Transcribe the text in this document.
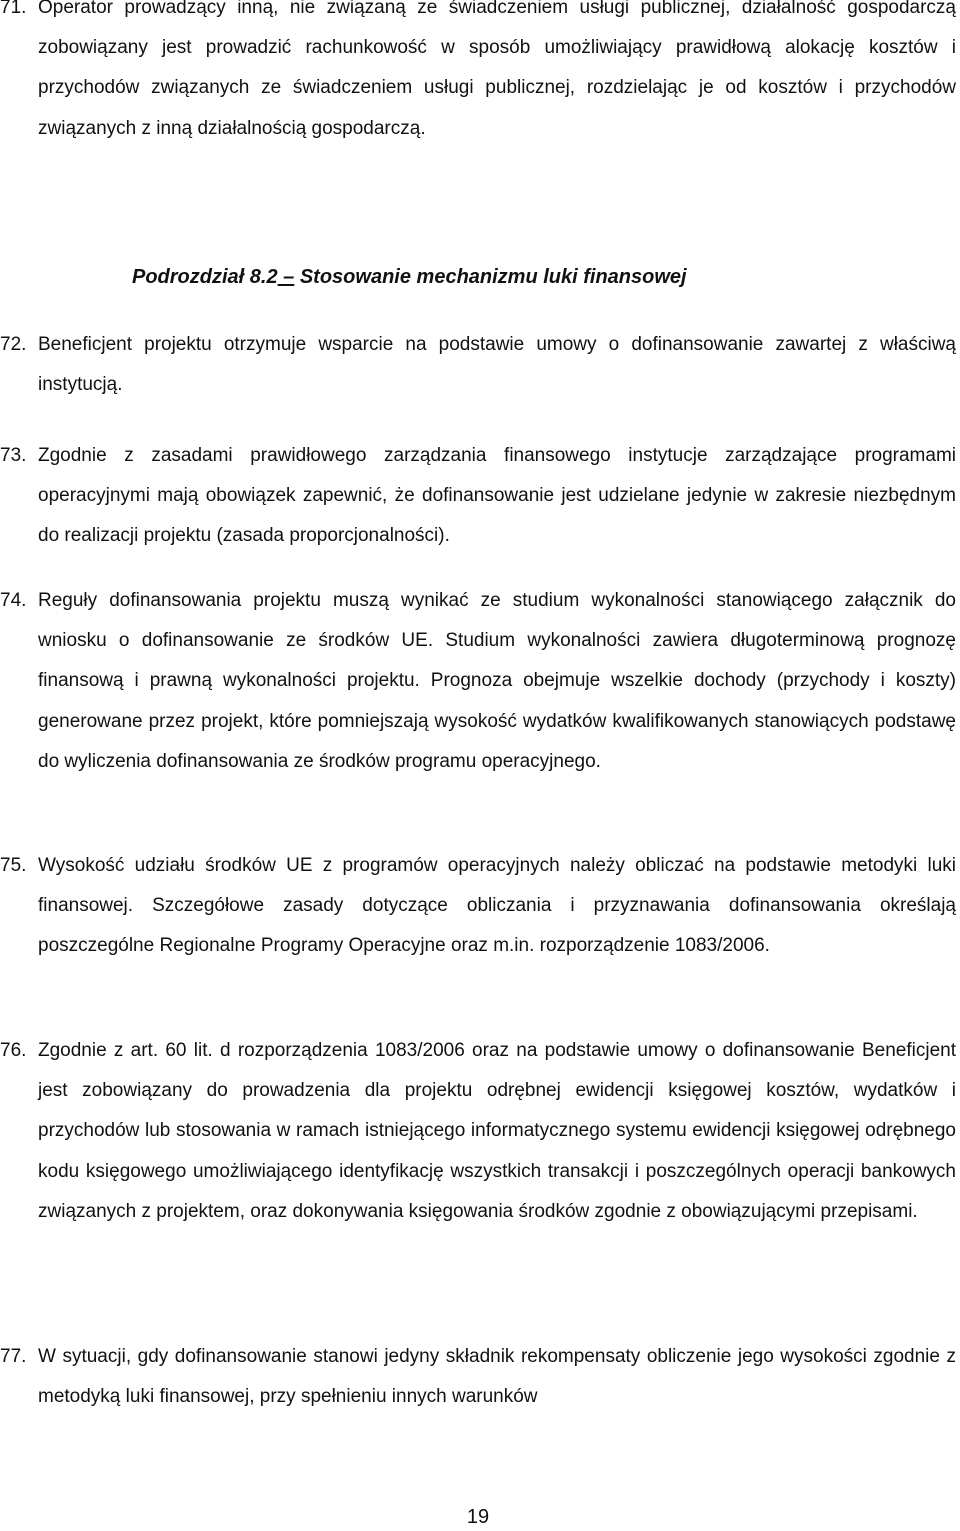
71. Operator prowadzący inną, nie związaną ze świadczeniem usługi publicznej, działalność gospodarczą zobowiązany jest prowadzić rachunkowość w sposób umożliwiający prawidłową alokację kosztów i przychodów związanych ze świadczeniem usługi publicznej, rozdzielając je od kosztów i przychodów związanych z inną działalnością gospodarczą.

Podrozdział 8.2 – Stosowanie mechanizmu luki finansowej

72. Beneficjent projektu otrzymuje wsparcie na podstawie umowy o dofinansowanie zawartej z właściwą instytucją.

73. Zgodnie z zasadami prawidłowego zarządzania finansowego instytucje zarządzające programami operacyjnymi mają obowiązek zapewnić, że dofinansowanie jest udzielane jedynie w zakresie niezbędnym do realizacji projektu (zasada proporcjonalności).

74. Reguły dofinansowania projektu muszą wynikać ze studium wykonalności stanowiącego załącznik do wniosku o dofinansowanie ze środków UE. Studium wykonalności zawiera długoterminową prognozę finansową i prawną wykonalności projektu. Prognoza obejmuje wszelkie dochody (przychody i koszty) generowane przez projekt, które pomniejszają wysokość wydatków kwalifikowanych stanowiących podstawę do wyliczenia dofinansowania ze środków programu operacyjnego.

75. Wysokość udziału środków UE z programów operacyjnych należy obliczać na podstawie metodyki luki finansowej. Szczegółowe zasady dotyczące obliczania i przyznawania dofinansowania określają poszczególne Regionalne Programy Operacyjne oraz m.in. rozporządzenie 1083/2006.

76. Zgodnie z art. 60 lit. d rozporządzenia 1083/2006 oraz na podstawie umowy o dofinansowanie Beneficjent jest zobowiązany do prowadzenia dla projektu odrębnej ewidencji księgowej kosztów, wydatków i przychodów lub stosowania w ramach istniejącego informatycznego systemu ewidencji księgowej odrębnego kodu księgowego umożliwiającego identyfikację wszystkich transakcji i poszczególnych operacji bankowych związanych z projektem, oraz dokonywania księgowania środków zgodnie z obowiązującymi przepisami.

77. W sytuacji, gdy dofinansowanie stanowi jedyny składnik rekompensaty obliczenie jego wysokości zgodnie z metodyką luki finansowej, przy spełnieniu innych warunków

19
